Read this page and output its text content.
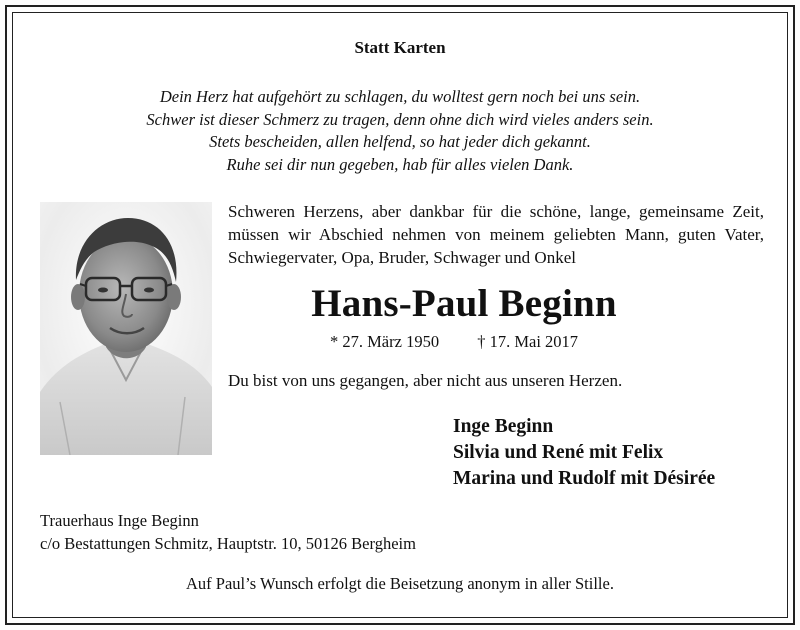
Statt Karten
Dein Herz hat aufgehört zu schlagen, du wolltest gern noch bei uns sein.
Schwer ist dieser Schmerz zu tragen, denn ohne dich wird vieles anders sein.
Stets bescheiden, allen helfend, so hat jeder dich gekannt.
Ruhe sei dir nun gegeben, hab für alles vielen Dank.
Schweren Herzens, aber dankbar für die schöne, lange, gemeinsame Zeit, müssen wir Abschied nehmen von meinem geliebten Mann, guten Vater, Schwiegervater, Opa, Bruder, Schwager und Onkel
Hans-Paul Beginn
* 27. März 1950 † 17. Mai 2017
Du bist von uns gegangen, aber nicht aus unseren Herzen.
Inge Beginn
Silvia und René mit Felix
Marina und Rudolf mit Désirée
Trauerhaus Inge Beginn
c/o Bestattungen Schmitz, Hauptstr. 10, 50126 Bergheim
Auf Paul’s Wunsch erfolgt die Beisetzung anonym in aller Stille.
